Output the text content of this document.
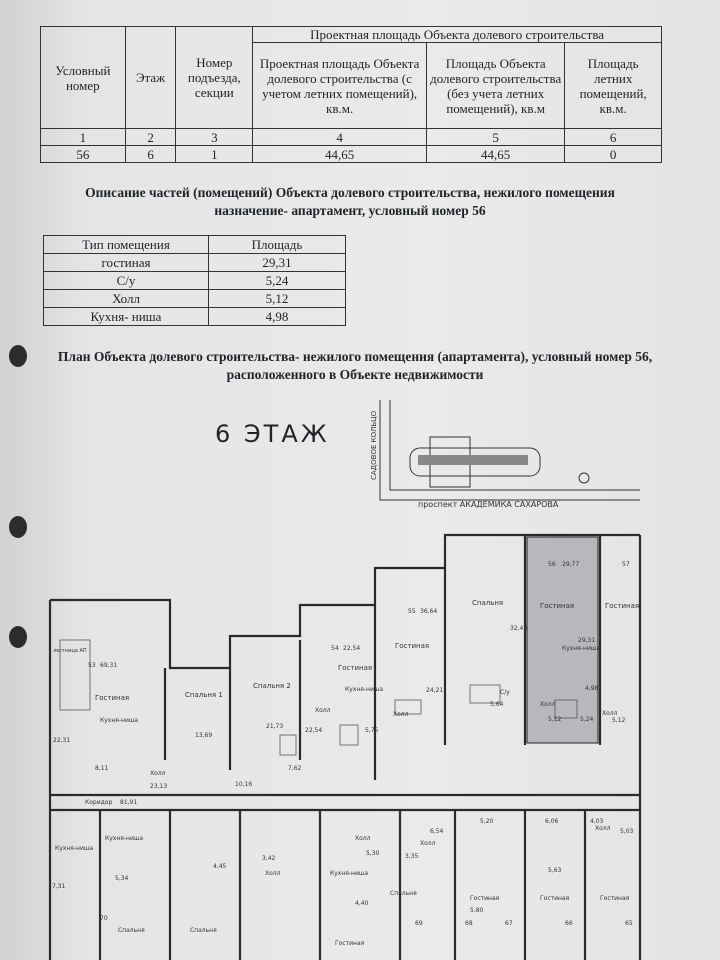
Условный номер	Этаж	Номер подъезда, секции	Проектная площадь Объекта долевого строительства		
			Проектная площадь Объекта долевого строительства (с учетом летних помещений), кв.м.	Площадь Объекта долевого строительства (без учета летних помещений), кв.м	Площадь летних помещений, кв.м.
1	2	3	4	5	6
56	6	1	44,65	44,65	0
Описание частей (помещений) Объекта долевого строительства, нежилого помещения назначение- апартамент, условный номер 56
Тип помещения	Площадь
гостиная	29,31
С/у	5,24
Холл	5,12
Кухня- ниша	4,98
План Объекта долевого строительства- нежилого помещения (апартамента), условный номер 56, расположенного в Объекте недвижимости
6 ЭТАЖ
проспект АКАДЕМИКА САХАРОВА
САДОВОЕ КОЛЬЦО
56 29,77
Гостиная
29,31
Кухня-ниша
4,98
Холл
5,12	5,24
55 36,64
Спальня
32,43
Гостиная
Холл
С/у
24,21
5,64
54 22,54
Гостиная
Кухня-ниша
Холл
22,54	5,75
53 69,31
Гостиная
Кухня-ниша
Холл
лестница АП
22,31
8,11
Спальня 1
Спальня 2
13,69
21,73
7,62
10,16
23,13
57
Гостиная
Холл
5,12
Коридор 81,91
Кухня-ниша
Кухня-ниша
Кухня-ниша
Холл
Холл
Холл
Холл
Спальня	Спальня
Спальня
Гостиная	Гостиная	Гостиная
Гостиная
70
69	68	67	66	65
7,31
5,34
4,45
3,42
5,30	3,35
4,40
5,80
5,63
5,03
6,54
6,06
5,20	4,03
